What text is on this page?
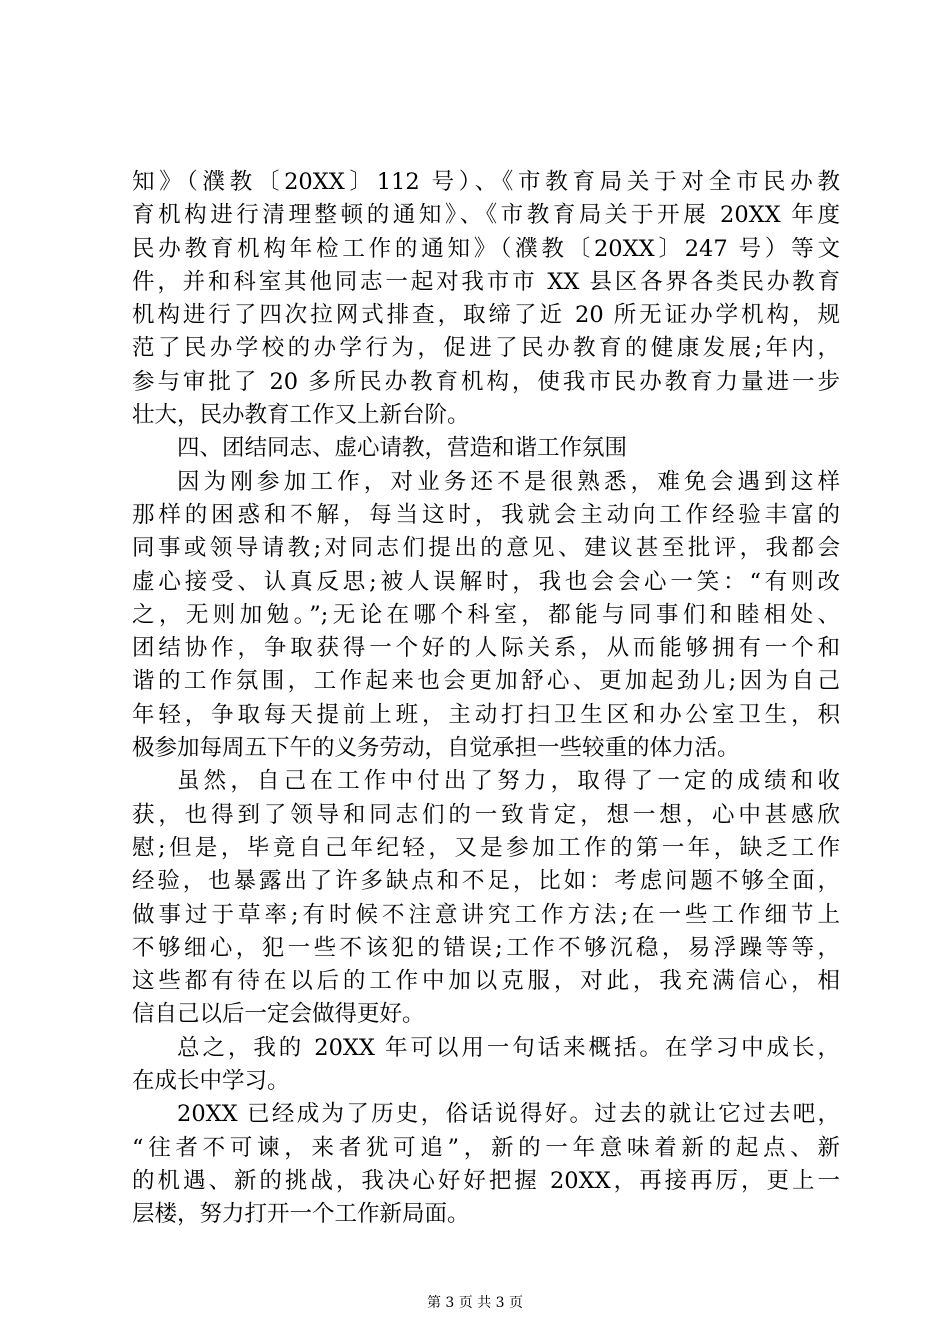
知》（濮教〔20XX〕112 号）、《市教育局关于对全市民办教
育机构进行清理整顿的通知》、《市教育局关于开展 20XX 年度
民办教育机构年检工作的通知》（濮教〔20XX〕247 号）等文
件，并和科室其他同志一起对我市市 XX 县区各界各类民办教育
机构进行了四次拉网式排查，取缔了近 20 所无证办学机构，规
范了民办学校的办学行为，促进了民办教育的健康发展;年内，
参与审批了 20 多所民办教育机构，使我市民办教育力量进一步
壮大，民办教育工作又上新台阶。
四、团结同志、虚心请教，营造和谐工作氛围
因为刚参加工作，对业务还不是很熟悉，难免会遇到这样
那样的困惑和不解，每当这时，我就会主动向工作经验丰富的
同事或领导请教;对同志们提出的意见、建议甚至批评，我都会
虚心接受、认真反思;被人误解时，我也会会心一笑：“有则改
之，无则加勉。”;无论在哪个科室，都能与同事们和睦相处、
团结协作，争取获得一个好的人际关系，从而能够拥有一个和
谐的工作氛围，工作起来也会更加舒心、更加起劲儿;因为自己
年轻，争取每天提前上班，主动打扫卫生区和办公室卫生，积
极参加每周五下午的义务劳动，自觉承担一些较重的体力活。
虽然，自己在工作中付出了努力，取得了一定的成绩和收
获，也得到了领导和同志们的一致肯定，想一想，心中甚感欣
慰;但是，毕竟自己年纪轻，又是参加工作的第一年，缺乏工作
经验，也暴露出了许多缺点和不足，比如：考虑问题不够全面，
做事过于草率;有时候不注意讲究工作方法;在一些工作细节上
不够细心，犯一些不该犯的错误;工作不够沉稳，易浮躁等等，
这些都有待在以后的工作中加以克服，对此，我充满信心，相
信自己以后一定会做得更好。
总之，我的 20XX 年可以用一句话来概括。在学习中成长，
在成长中学习。
20XX 已经成为了历史，俗话说得好。过去的就让它过去吧，
“往者不可谏，来者犹可追”，新的一年意味着新的起点、新
的机遇、新的挑战，我决心好好把握 20XX，再接再厉，更上一
层楼，努力打开一个工作新局面。
第 3 页 共 3 页
